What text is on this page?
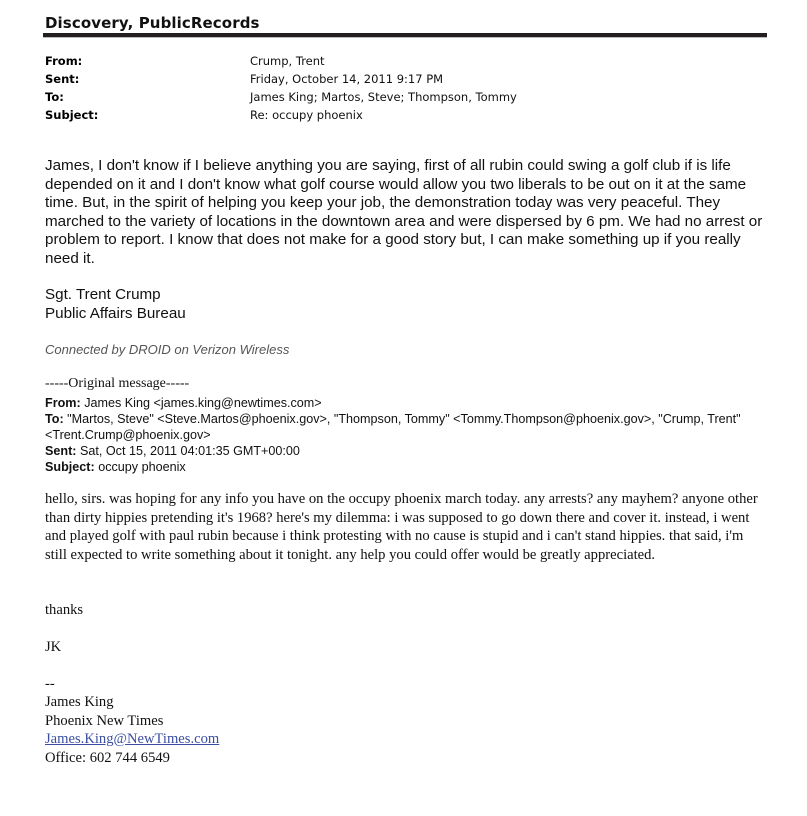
Discovery, PublicRecords
From:	Crump, Trent
Sent:	Friday, October 14, 2011 9:17 PM
To:	James King; Martos, Steve; Thompson, Tommy
Subject:	Re: occupy phoenix
James, I don't know if I believe anything you are saying, first of all rubin could swing a golf club if is life depended on it and I don't know what golf course would allow you two liberals to be out on it at the same time. But, in the spirit of helping you keep your job, the demonstration today was very peaceful. They marched to the variety of locations in the downtown area and were dispersed by 6 pm. We had no arrest or problem to report. I know that does not make for a good story but, I can make something up if you really need it.
Sgt. Trent Crump
Public Affairs Bureau
Connected by DROID on Verizon Wireless
-----Original message-----
From: James King <james.king@newtimes.com>
To: "Martos, Steve" <Steve.Martos@phoenix.gov>, "Thompson, Tommy" <Tommy.Thompson@phoenix.gov>, "Crump, Trent" <Trent.Crump@phoenix.gov>
Sent: Sat, Oct 15, 2011 04:01:35 GMT+00:00
Subject: occupy phoenix
hello, sirs. was hoping for any info you have on the occupy phoenix march today. any arrests? any mayhem? anyone other than dirty hippies pretending it's 1968? here's my dilemma: i was supposed to go down there and cover it. instead, i went and played golf with paul rubin because i think protesting with no cause is stupid and i can't stand hippies. that said, i'm still expected to write something about it tonight. any help you could offer would be greatly appreciated.
thanks
JK
--
James King
Phoenix New Times
James.King@NewTimes.com
Office: 602 744 6549
